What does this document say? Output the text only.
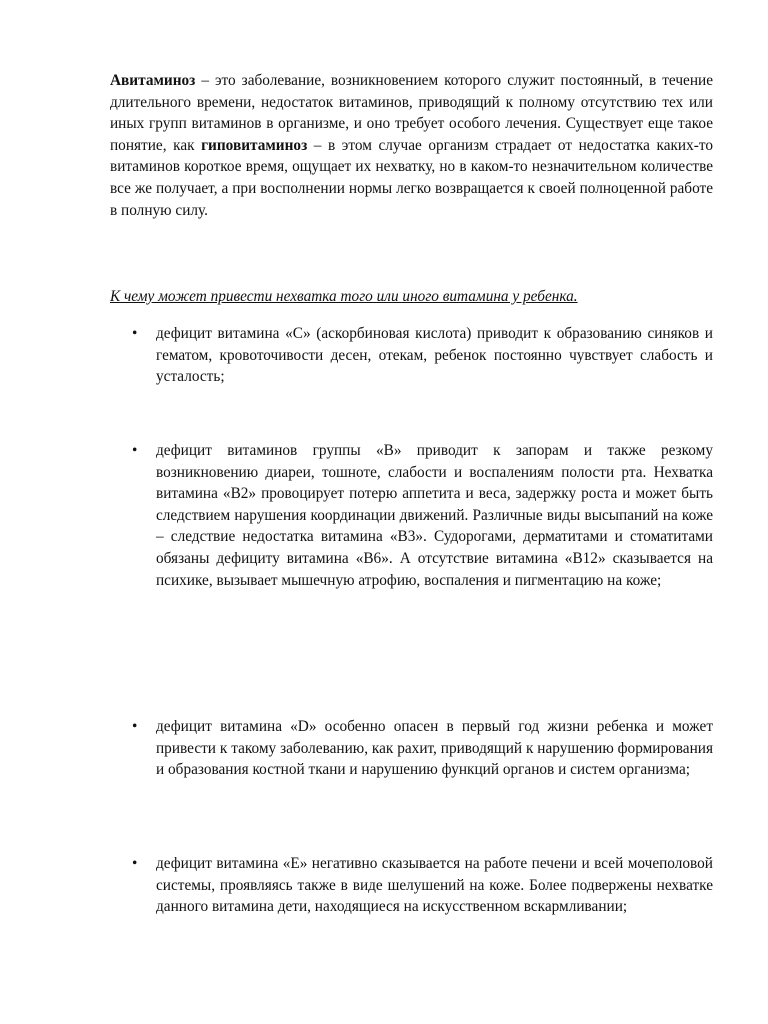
Авитаминоз – это заболевание, возникновением которого служит постоянный, в течение длительного времени, недостаток витаминов, приводящий к полному отсутствию тех или иных групп витаминов в организме, и оно требует особого лечения. Существует еще такое понятие, как гиповитаминоз – в этом случае организм страдает от недостатка каких-то витаминов короткое время, ощущает их нехватку, но в каком-то незначительном количестве все же получает, а при восполнении нормы легко возвращается к своей полноценной работе в полную силу.

К чему может привести нехватка того или иного витамина у ребенка.

•	дефицит витамина «С» (аскорбиновая кислота) приводит к образованию синяков и гематом, кровоточивости десен, отекам, ребенок постоянно чувствует слабость и усталость;

•	дефицит витаминов группы «В» приводит к запорам и также резкому возникновению диареи, тошноте, слабости и воспалениям полости рта. Нехватка витамина «В2» провоцирует потерю аппетита и веса, задержку роста и может быть следствием нарушения координации движений. Различные виды высыпаний на коже – следствие недостатка витамина «В3». Судорогами, дерматитами и стоматитами обязаны дефициту витамина «В6». А отсутствие витамина «В12» сказывается на психике, вызывает мышечную атрофию, воспаления и пигментацию на коже;

•	дефицит витамина «D» особенно опасен в первый год жизни ребенка и может привести к такому заболеванию, как рахит, приводящий к нарушению формирования и образования костной ткани и нарушению функций органов и систем организма;

•	дефицит витамина «Е» негативно сказывается на работе печени и всей мочеполовой системы, проявляясь также в виде шелушений на коже. Более подвержены нехватке данного витамина дети, находящиеся на искусственном вскармливании;
